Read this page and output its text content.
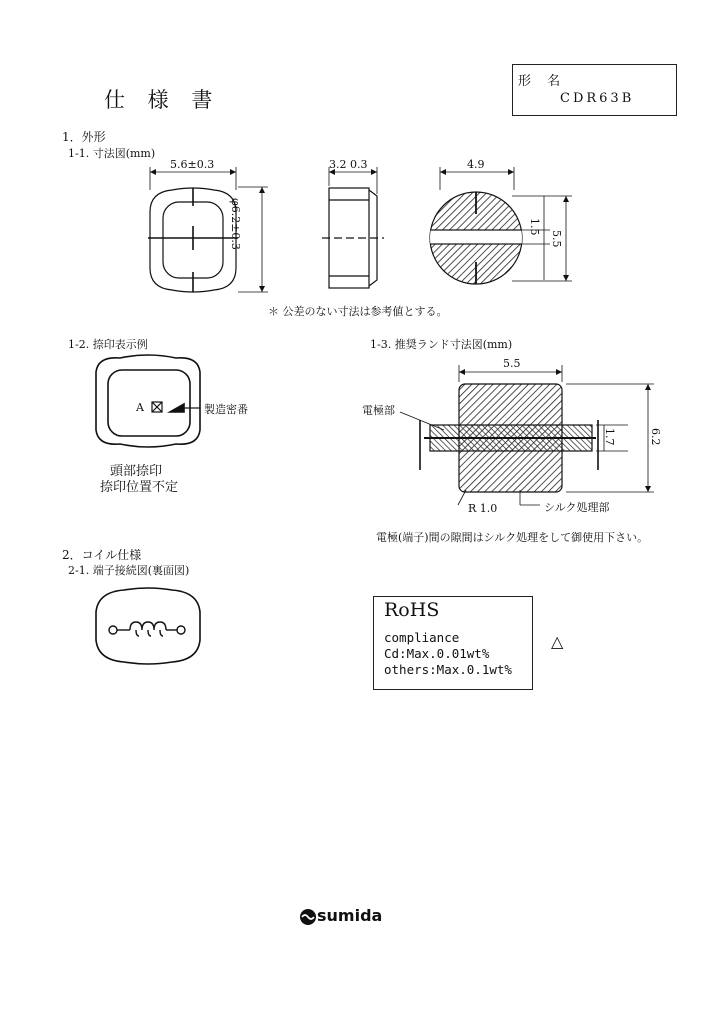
仕 様 書
形 名
CDR63B
1．外形
1-1. 寸法図(mm)
5.6±0.3	3.2 0.3	4.9
φ6.2±0.3	1.5
5.5
＊ 公差のない寸法は参考値とする。
1-2. 捺印表示例	1-3. 推奨ランド寸法図(mm)
A	製造密番
頭部捺印
捺印位置不定
5.5
1.7	6.2
電極部
R 1.0	シルク処理部
電極(端子)間の隙間はシルク処理をして御使用下さい。
2．コイル仕様
2-1. 端子接続図(裏面図)
RoHS
compliance
Cd:Max.0.01wt%
others:Max.0.1wt%
△
sumida
